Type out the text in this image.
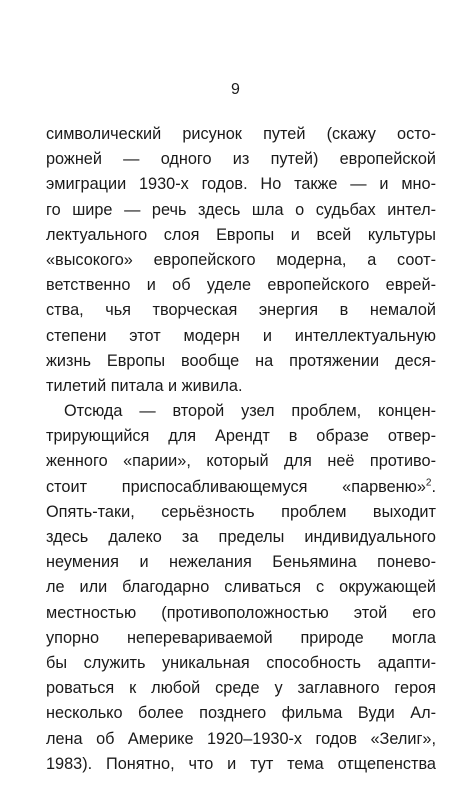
9
символический рисунок путей (скажу осто-
рожней — одного из путей) европейской
эмиграции 1930-х годов. Но также — и мно-
го шире — речь здесь шла о судьбах интел-
лектуального слоя Европы и всей культуры
«высокого» европейского модерна, а соот-
ветственно и об уделе европейского еврей-
ства, чья творческая энергия в немалой
степени этот модерн и интеллектуальную
жизнь Европы вообще на протяжении деся-
тилетий питала и живила.
Отсюда — второй узел проблем, концен-
трирующийся для Арендт в образе отвер-
женного «парии», который для неё противо-
стоит приспосабливающемуся «парвеню»$^2$.
Опять-таки, серьёзность проблем выходит
здесь далеко за пределы индивидуального
неумения и нежелания Беньямина понево-
ле или благодарно сливаться с окружающей
местностью (противоположностью этой его
упорно неперевариваемой природе могла
бы служить уникальная способность адапти-
роваться к любой среде у заглавного героя
несколько более позднего фильма Вуди Ал-
лена об Америке 1920–1930-х годов «Зелиг»,
1983). Понятно, что и тут тема отщепенства
